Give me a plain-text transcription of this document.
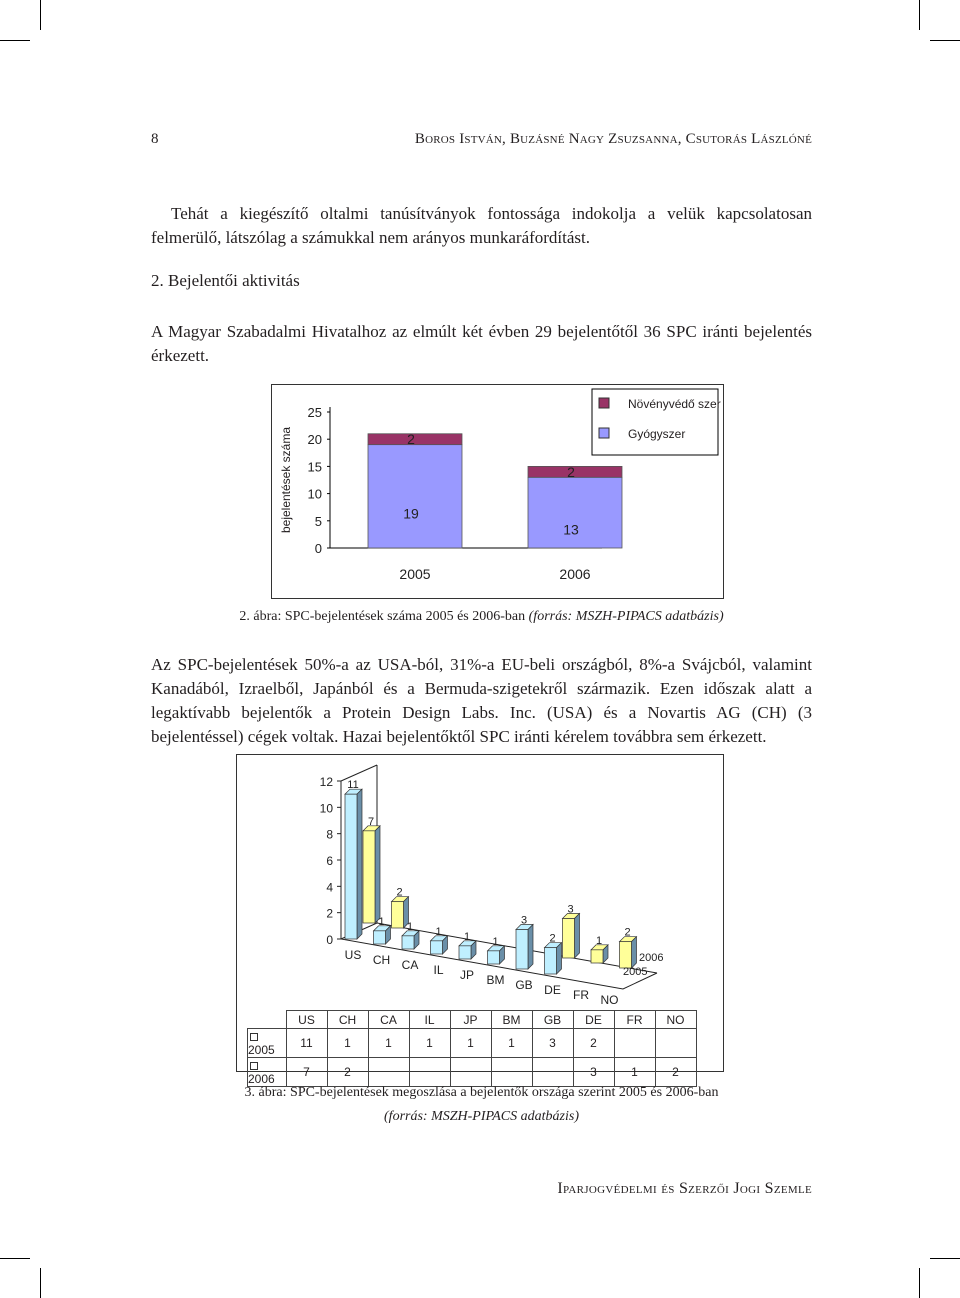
8	Boros István, Buzásné Nagy Zsuzsanna, Csutorás Lászlóné
Tehát a kiegészítő oltalmi tanúsítványok fontossága indokolja a velük kapcsolatosan felmerülő, látszólag a számukkal nem arányos munkaráfordítást.
2. Bejelentői aktivitás
A Magyar Szabadalmi Hivatalhoz az elmúlt két évben 29 bejelentőtől 36 SPC iránti bejelentés érkezett.
bejelentések száma
0
5
10
15
20
25
19
2
2005
13
2
2006
Növényvédő szer
Gyógyszer
2. ábra: SPC-bejelentések száma 2005 és 2006-ban (forrás: MSZH-PIPACS adatbázis)
Az SPC-bejelentések 50%-a az USA-ból, 31%-a EU-beli országból, 8%-a Svájcból, valamint Kanadából, Izraelből, Japánból és a Bermuda-szigetekről származik. Ezen időszak alatt a legaktívabb bejelentők a Protein Design Labs. Inc. (USA) és a Novartis AG (CH) (3 bejelentéssel) cégek voltak. Hazai bejelentőktől SPC iránti kérelem továbbra sem érkezett.
0
2
4
6
8
10
12
7
11
US
2
1
CH
1
CA
1
IL
1
JP
1
BM
3
GB
3
2
DE
1
FR
2
NO
2006
2005
	US	CH	CA	IL	JP	BM	GB	DE	FR	NO
2005	11	1	1	1	1	1	3	2		
2006	7	2						3	1	2
3. ábra: SPC-bejelentések megoszlása a bejelentők országa szerint 2005 és 2006-ban
(forrás: MSZH-PIPACS adatbázis)
Iparjogvédelmi és Szerzői Jogi Szemle
